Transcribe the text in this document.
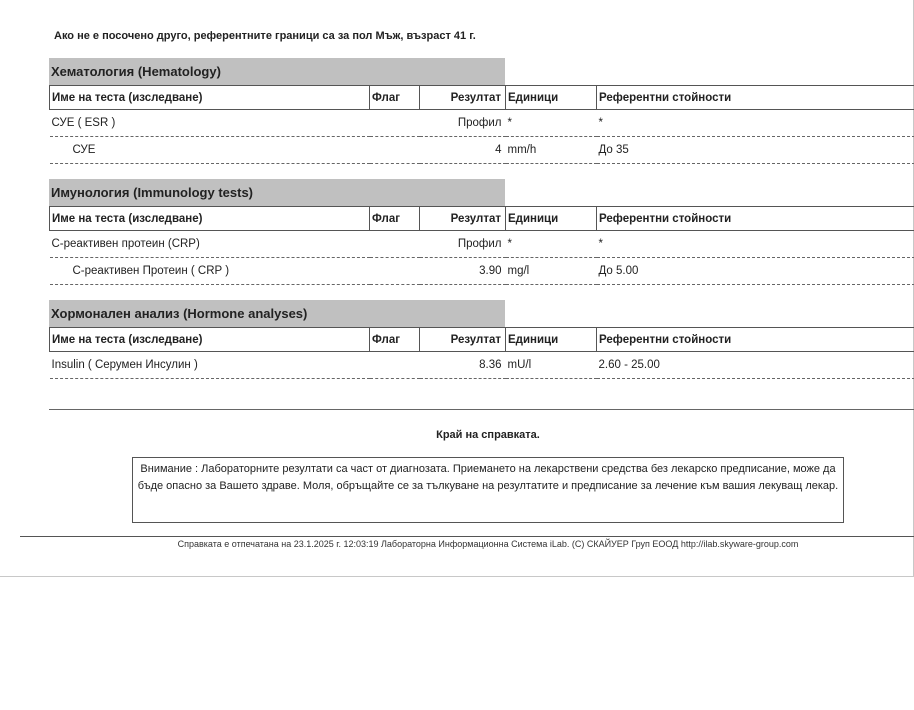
Ако не е посочено друго, референтните граници са за пол Мъж, възраст 41 г.
Хематология (Hematology)
Име на теста (изследване)	Флаг	Резултат	Единици	Референтни стойности
СУЕ ( ESR )		Профил	*	*
СУЕ		4	mm/h	До 35
Имунология (Immunology tests)
Име на теста (изследване)	Флаг	Резултат	Единици	Референтни стойности
С-реактивен протеин (CRP)		Профил	*	*
С-реактивен Протеин ( CRP )		3.90	mg/l	До 5.00
Хормонален анализ (Hormone analyses)
Име на теста (изследване)	Флаг	Резултат	Единици	Референтни стойности
Insulin ( Серумен Инсулин )		8.36	mU/l	2.60 - 25.00
Край на справката.
Внимание : Лабораторните резултати са част от диагнозата. Приемането на лекарствени средства без лекарско предписание, може да бъде опасно за Вашето здраве. Моля, обръщайте се за тълкуване на резултатите и предписание за лечение към вашия лекуващ лекар.
Справката е отпечатана на 23.1.2025 г. 12:03:19 Лабораторна Информационна Система iLab. (С) СКАЙУЕР Груп ЕООД http://ilab.skyware-group.com
